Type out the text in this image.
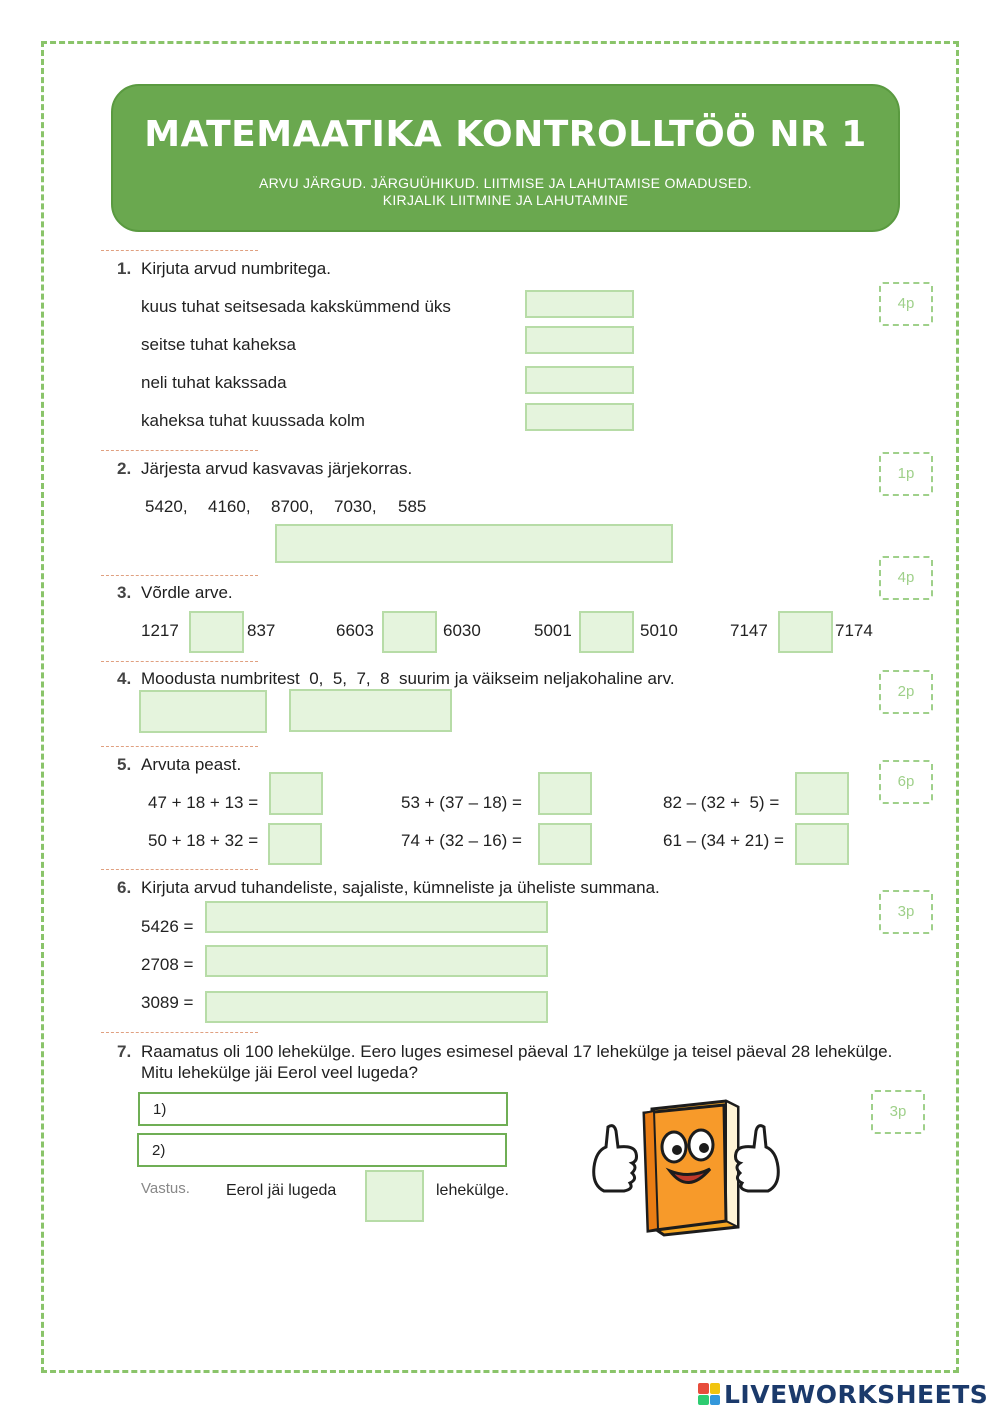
MATEMAATIKA KONTROLLTÖÖ NR 1
ARVU JÄRGUD. JÄRGUÜHIKUD. LIITMISE JA LAHUTAMISE OMADUSED.
KIRJALIK LIITMINE JA LAHUTAMINE
1. Kirjuta arvud numbritega.
kuus tuhat seitsesada kakskümmend üks
seitse tuhat kaheksa
neli tuhat kakssada
kaheksa tuhat kuussada kolm
4p
2. Järjesta arvud kasvavas järjekorras.
5420, 4160, 8700, 7030, 585
1p
3. Võrdle arve.
1217	837	6603	6030	5001	5010	7147	7174
4p
4. Moodusta numbritest  0,  5,  7,  8  suurim ja väikseim neljakohaline arv.
2p
5. Arvuta peast.
47 + 18 + 13 =	53 + (37 – 18) =	82 – (32 +  5) =
50 + 18 + 32 =	74 + (32 – 16) =	61 – (34 + 21) =
6p
6. Kirjuta arvud tuhandeliste, sajaliste, kümneliste ja üheliste summana.
5426 =
2708 =
3089 =
3p
7. Raamatus oli 100 lehekülge. Eero luges esimesel päeval 17 lehekülge ja teisel päeval 28 lehekülge.
Mitu lehekülge jäi Eerol veel lugeda?
1)
2)
Vastus. Eerol jäi lugeda	lehekülge.
3p
LIVEWORKSHEETS
